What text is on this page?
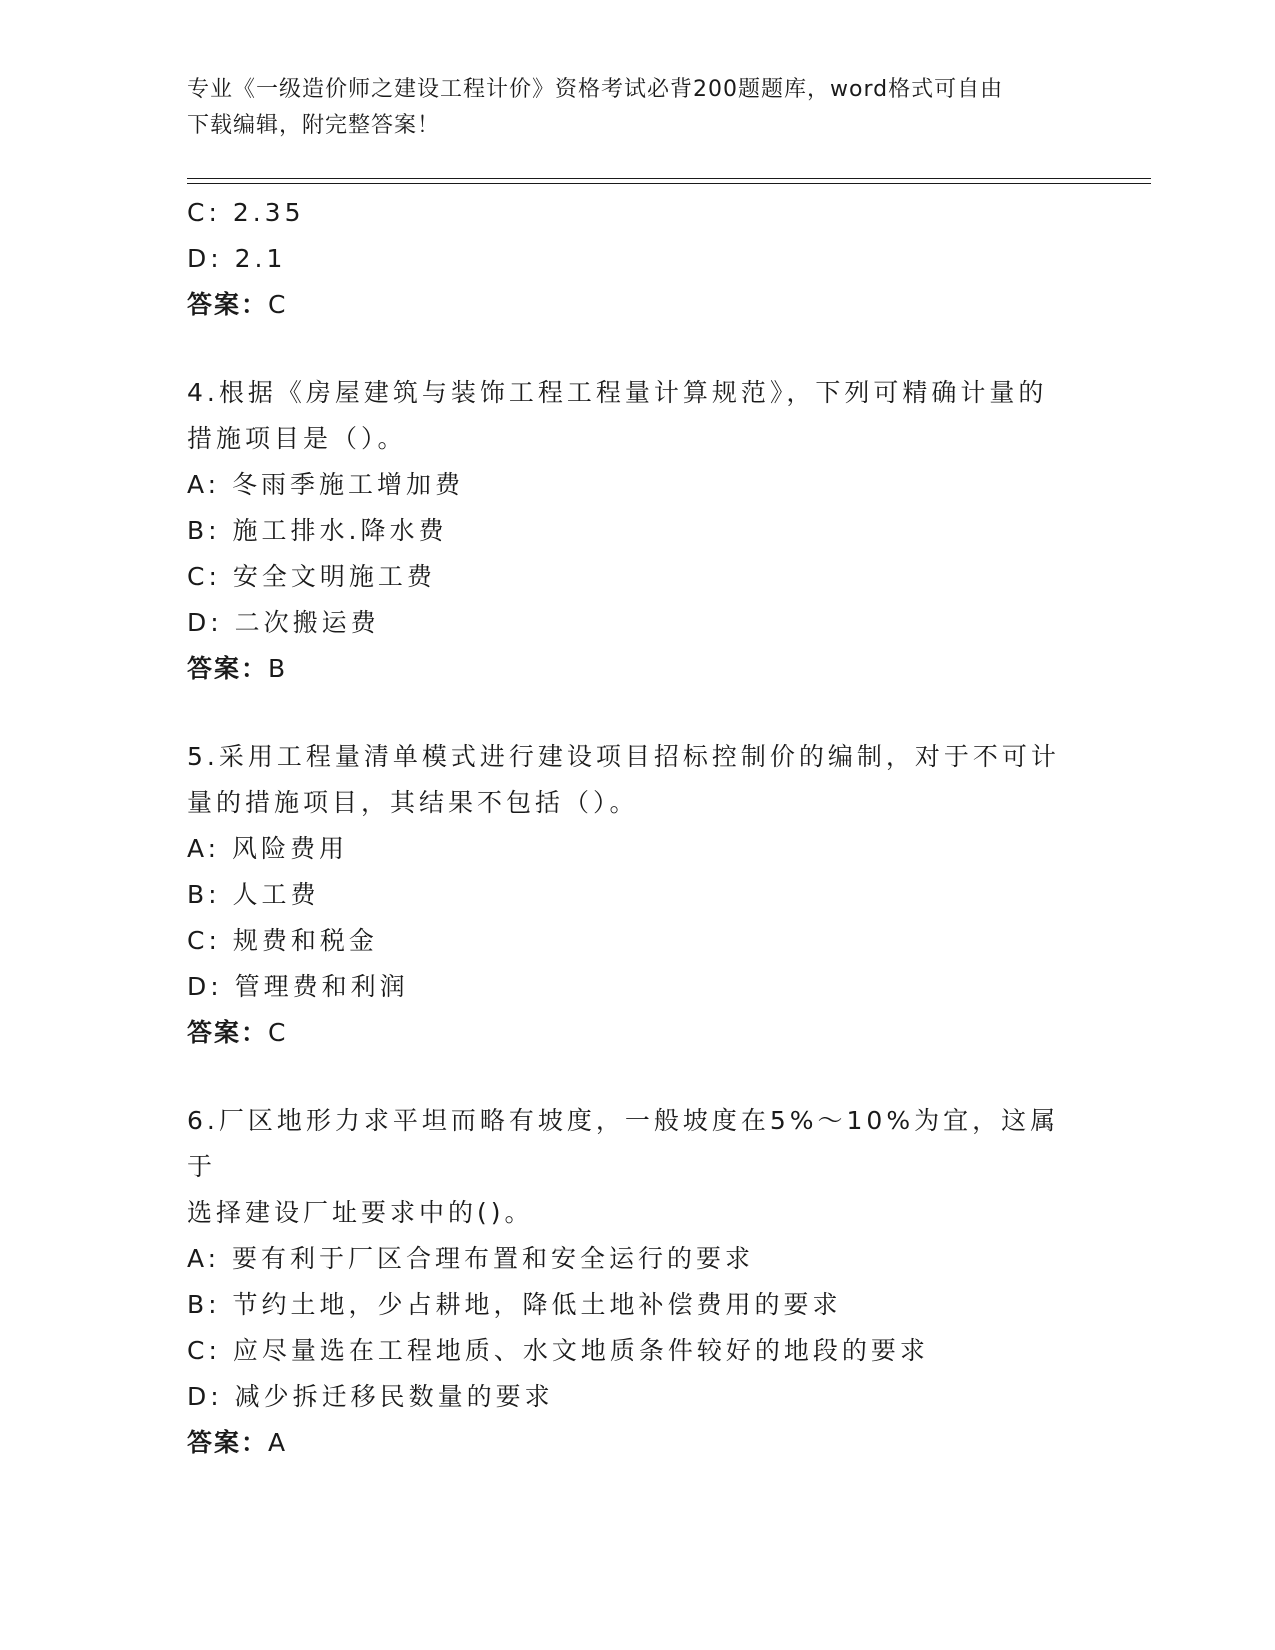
专业《一级造价师之建设工程计价》资格考试必背200题题库，word格式可自由
下载编辑，附完整答案！
C: 2.35
D: 2.1
答案：C
4.根据《房屋建筑与装饰工程工程量计算规范》，下列可精确计量的
措施项目是（）。
A: 冬雨季施工增加费
B: 施工排水.降水费
C: 安全文明施工费
D: 二次搬运费
答案：B
5.采用工程量清单模式进行建设项目招标控制价的编制，对于不可计
量的措施项目，其结果不包括（）。
A: 风险费用
B: 人工费
C: 规费和税金
D: 管理费和利润
答案：C
6.厂区地形力求平坦而略有坡度，一般坡度在5%～10%为宜，这属于
选择建设厂址要求中的()。
A: 要有利于厂区合理布置和安全运行的要求
B: 节约土地，少占耕地，降低土地补偿费用的要求
C: 应尽量选在工程地质、水文地质条件较好的地段的要求
D: 减少拆迁移民数量的要求
答案：A
